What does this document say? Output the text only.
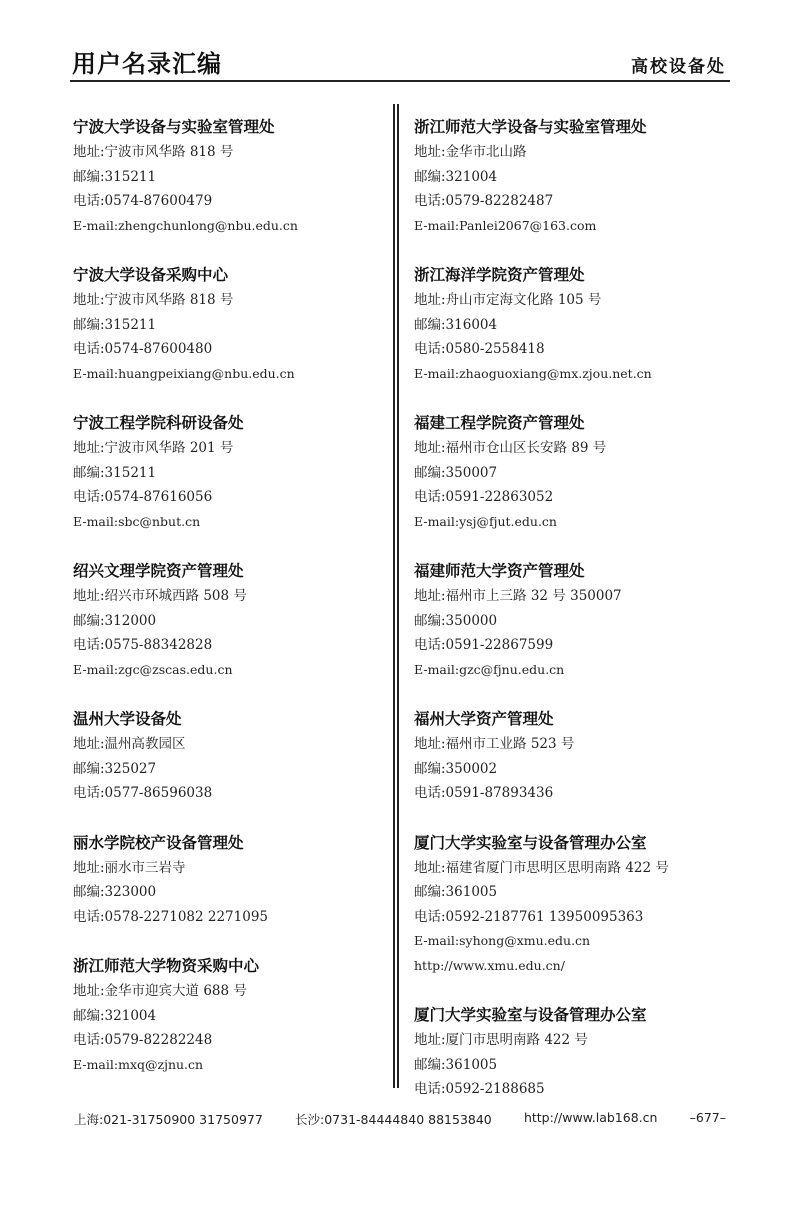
用户名录汇编	高校设备处
宁波大学设备与实验室管理处
地址:宁波市风华路 818 号
邮编:315211
电话:0574-87600479
E-mail:zhengchunlong@nbu.edu.cn
宁波大学设备采购中心
地址:宁波市风华路 818 号
邮编:315211
电话:0574-87600480
E-mail:huangpeixiang@nbu.edu.cn
宁波工程学院科研设备处
地址:宁波市风华路 201 号
邮编:315211
电话:0574-87616056
E-mail:sbc@nbut.cn
绍兴文理学院资产管理处
地址:绍兴市环城西路 508 号
邮编:312000
电话:0575-88342828
E-mail:zgc@zscas.edu.cn
温州大学设备处
地址:温州高教园区
邮编:325027
电话:0577-86596038
丽水学院校产设备管理处
地址:丽水市三岩寺
邮编:323000
电话:0578-2271082 2271095
浙江师范大学物资采购中心
地址:金华市迎宾大道 688 号
邮编:321004
电话:0579-82282248
E-mail:mxq@zjnu.cn
浙江师范大学设备与实验室管理处
地址:金华市北山路
邮编:321004
电话:0579-82282487
E-mail:Panlei2067@163.com
浙江海洋学院资产管理处
地址:舟山市定海文化路 105 号
邮编:316004
电话:0580-2558418
E-mail:zhaoguoxiang@mx.zjou.net.cn
福建工程学院资产管理处
地址:福州市仓山区长安路 89 号
邮编:350007
电话:0591-22863052
E-mail:ysj@fjut.edu.cn
福建师范大学资产管理处
地址:福州市上三路 32 号 350007
邮编:350000
电话:0591-22867599
E-mail:gzc@fjnu.edu.cn
福州大学资产管理处
地址:福州市工业路 523 号
邮编:350002
电话:0591-87893436
厦门大学实验室与设备管理办公室
地址:福建省厦门市思明区思明南路 422 号
邮编:361005
电话:0592-2187761 13950095363
E-mail:syhong@xmu.edu.cn
http://www.xmu.edu.cn/
厦门大学实验室与设备管理办公室
地址:厦门市思明南路 422 号
邮编:361005
电话:0592-2188685
上海:021-31750900 31750977	长沙:0731-84444840 88153840	http://www.lab168.cn	–677–
